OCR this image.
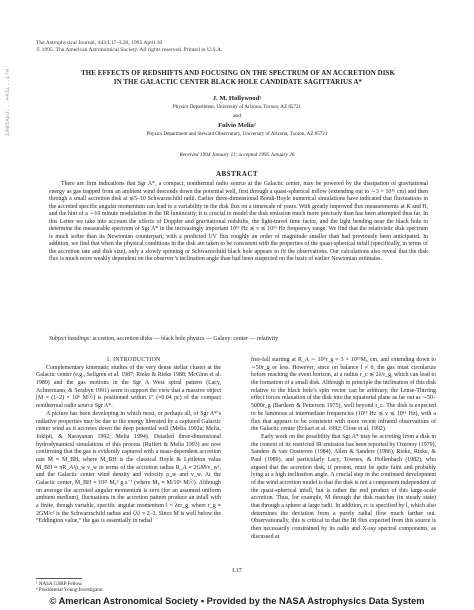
1995ApJ...443L..17H
The Astrophysical Journal, 443:L17–L20, 1995 April 10
© 1995. The American Astronomical Society. All rights reserved. Printed in U.S.A.
THE EFFECTS OF REDSHIFTS AND FOCUSING ON THE SPECTRUM OF AN ACCRETION DISK
IN THE GALACTIC CENTER BLACK HOLE CANDIDATE SAGITTARIUS A*
J. M. Hollywood¹
Physics Department, University of Arizona, Tucson, AZ 85721
and
Fulvio Melia²
Physics Department and Steward Observatory, University of Arizona, Tucson, AZ 85721
Received 1994 January 11; accepted 1995 January 26
ABSTRACT

There are firm indications that Sgr A*, a compact, nonthermal radio source at the Galactic center, may be powered by the dissipation of gravitational energy as gas trapped from an ambient wind descends down the potential well, first through a quasi-spherical inflow (extending out to ∼3 × 10¹⁶ cm) and then through a small accretion disk at ≲5–10 Schwarzschild radii. Earlier three-dimensional Bondi-Hoyle numerical simulations have indicated that fluctuations in the accreted specific angular momentum can lead to a variability in the disk flux on a timescale of years. With greatly improved flux measurements at K and H, and the hint of a ∼10 minute modulation in the IR luminosity, it is crucial to model the disk emission much more precisely than has been attempted thus far. In this Letter we take into account the effects of Doppler and gravitational redshifts, the light-travel time factor, and the light bending near the black hole to determine the measurable spectrum of Sgr A* in the increasingly important 10¹³ Hz ≲ ν ≲ 10¹⁶ Hz frequency range. We find that the relativistic disk spectrum is much softer than its Newtonian counterpart, with a predicted UV flux roughly an order of magnitude smaller than had previously been anticipated. In addition, we find that when the physical conditions in the disk are taken to be consistent with the properties of the quasi-spherical infall (specifically, in terms of the accretion rate and disk size), only a slowly spinning or Schwarzschild black hole appears to fit the observations. Our calculations also reveal that the disk flux is much more weakly dependent on the observer’s inclination angle than had been suspected on the basis of earlier Newtonian estimates.

Subject headings: accretion, accretion disks — black hole physics — Galaxy: center — relativity

1. INTRODUCTION

Complementary kinematic studies of the very dense stellar cluster at the Galactic center (e.g., Sellgren et al. 1987; Rieke & Rieke 1988; McGinn et al. 1989) and the gas motions in the Sgr A West spiral pattern (Lacy, Achtermann, & Serabyn 1991) seem to support the view that a massive object [M ≈ (1–2) × 10⁶ M☉] is positioned within 1″ (≈0.04 pc) of the compact nonthermal radio source Sgr A*.

A picture has been developing in which most, or perhaps all, of Sgr A*’s radiative properties may be due to the energy liberated by a captured Galactic center wind as it accretes down the deep potential well (Melia 1992a; Melia, Jokipii, & Narayanan 1992; Melia 1994). Detailed three-dimensional hydrodynamical simulations of this process (Ruffert & Melia 1993) are now confirming that the gas is evidently captured with a mass-dependent accretion rate Ṁ ≈ Ṁ_BH, where Ṁ_BH is the classical Hoyle & Lyttleton value Ṁ_BH ≡ πR_A²ρ_w v_w in terms of the accretion radius R_A ≡ 2GM/v_w², and the Galactic center wind density and velocity ρ_w and v_w. At the Galactic center, Ṁ_BH ≈ 10²¹ M₆² g s⁻¹ (where M₆ ≡ M/10⁶ M☉). Although on average the accreted angular momentum is zero (for an assumed uniform ambient medium), fluctuations in the accretion pattern produce an infall with a finite, though variable, specific angular momentum l = λcr_g, where r_g ≡ 2GM/c² is the Schwarzschild radius and ⟨λ⟩ ≈ 2–3. Since Ṁ is well below the “Eddington value,” the gas is essentially in radial

free-fall starting at R_A ∼ 10⁵r_g ≈ 3 × 10¹⁶M₆ cm, and extending down to ∼50r_g or less. However, since on balance l ≠ 0, the gas must circularize before reaching the event horizon, at a radius r_c ≲ 2λ²r_g, which can lead to the formation of a small disk. Although in principle the inclination of this disk relative to the black hole’s spin vector can be arbitrary, the Lense-Thirring effect forces relaxation of the disk into the equatorial plane as far out as ∼50–5000r_g (Bardeen & Petterson 1975), well beyond r_c. The disk is expected to be luminous at intermediate frequencies (10¹³ Hz ≲ ν ≲ 10¹⁶ Hz), with a flux that appears to be consistent with more recent infrared observations of the Galactic center (Eckart et al. 1992; Close et al. 1992).

Early work on the possibility that Sgr A* may be accreting from a disk in the context of its restricted IR emission has been reported by Ozernoy (1979), Sanders & van Oosterom (1984), Allen & Sanders (1986), Rieke, Rieke, & Paul (1989), and particularly Lacy, Townes, & Hollenbach (1982), who argued that the accretion disk, if present, must be quite faint and probably lying at a high inclination angle. A crucial step in the continued development of the wind accretion model is that the disk is not a component independent of the quasi-spherical infall, but is rather the end product of this large-scale accretion. Thus, for example, Ṁ through the disk matches (in steady state) that through a sphere at large radii. In addition, rc is specified by l, which also determines the deviation from a purely radial flow much farther out. Observationally, this is critical in that the IR flux expected from this source is then necessarily constrained by its radio and X-ray spectral components, as discussed at

L17
¹ NASA GSRP Fellow.
² Presidential Young Investigator.
© American Astronomical Society • Provided by the NASA Astrophysics Data System
